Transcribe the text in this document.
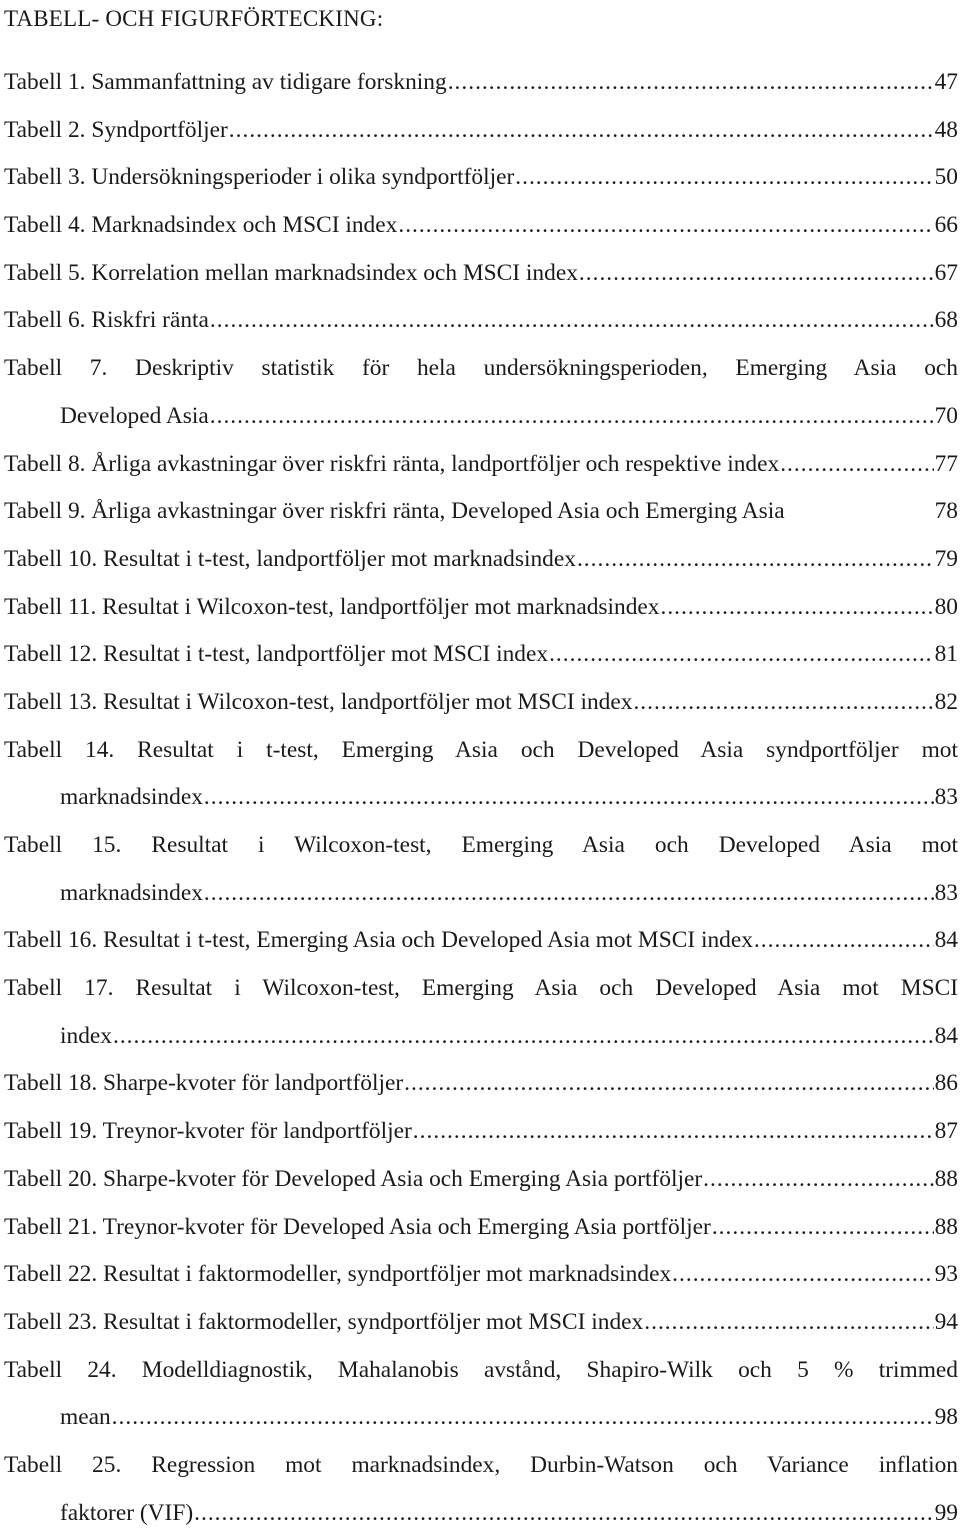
TABELL- OCH FIGURFÖRTECKING:
Tabell 1. Sammanfattning av tidigare forskning .....	47
Tabell 2. Syndportföljer .....	48
Tabell 3. Undersökningsperioder i olika syndportföljer .....	50
Tabell 4. Marknadsindex och MSCI index .....	66
Tabell 5. Korrelation mellan marknadsindex och MSCI index .....	67
Tabell 6. Riskfri ränta .....	68
Tabell 7. Deskriptiv statistik för hela undersökningsperioden, Emerging Asia och
Developed Asia .....	70
Tabell 8. Årliga avkastningar över riskfri ränta, landportföljer och respektive index .....	77
Tabell 9. Årliga avkastningar över riskfri ränta, Developed Asia och Emerging Asia	78
Tabell 10. Resultat i t-test, landportföljer mot marknadsindex .....	79
Tabell 11. Resultat i Wilcoxon-test, landportföljer mot marknadsindex .....	80
Tabell 12. Resultat i t-test, landportföljer mot MSCI index .....	81
Tabell 13. Resultat i Wilcoxon-test, landportföljer mot MSCI index .....	82
Tabell 14. Resultat i t-test, Emerging Asia och Developed Asia syndportföljer mot
marknadsindex .....	83
Tabell 15. Resultat i Wilcoxon-test, Emerging Asia och Developed Asia mot
marknadsindex .....	83
Tabell 16. Resultat i t-test, Emerging Asia och Developed Asia mot MSCI index .....	84
Tabell 17. Resultat i Wilcoxon-test, Emerging Asia och Developed Asia mot MSCI
index .....	84
Tabell 18. Sharpe-kvoter för landportföljer .....	86
Tabell 19. Treynor-kvoter för landportföljer .....	87
Tabell 20. Sharpe-kvoter för Developed Asia och Emerging Asia portföljer .....	88
Tabell 21. Treynor-kvoter för Developed Asia och Emerging Asia portföljer .....	88
Tabell 22. Resultat i faktormodeller, syndportföljer mot marknadsindex .....	93
Tabell 23. Resultat i faktormodeller, syndportföljer mot MSCI index .....	94
Tabell 24. Modelldiagnostik, Mahalanobis avstånd, Shapiro-Wilk och 5 % trimmed
mean .....	98
Tabell 25. Regression mot marknadsindex, Durbin-Watson och Variance inflation
faktorer (VIF) .....	99
